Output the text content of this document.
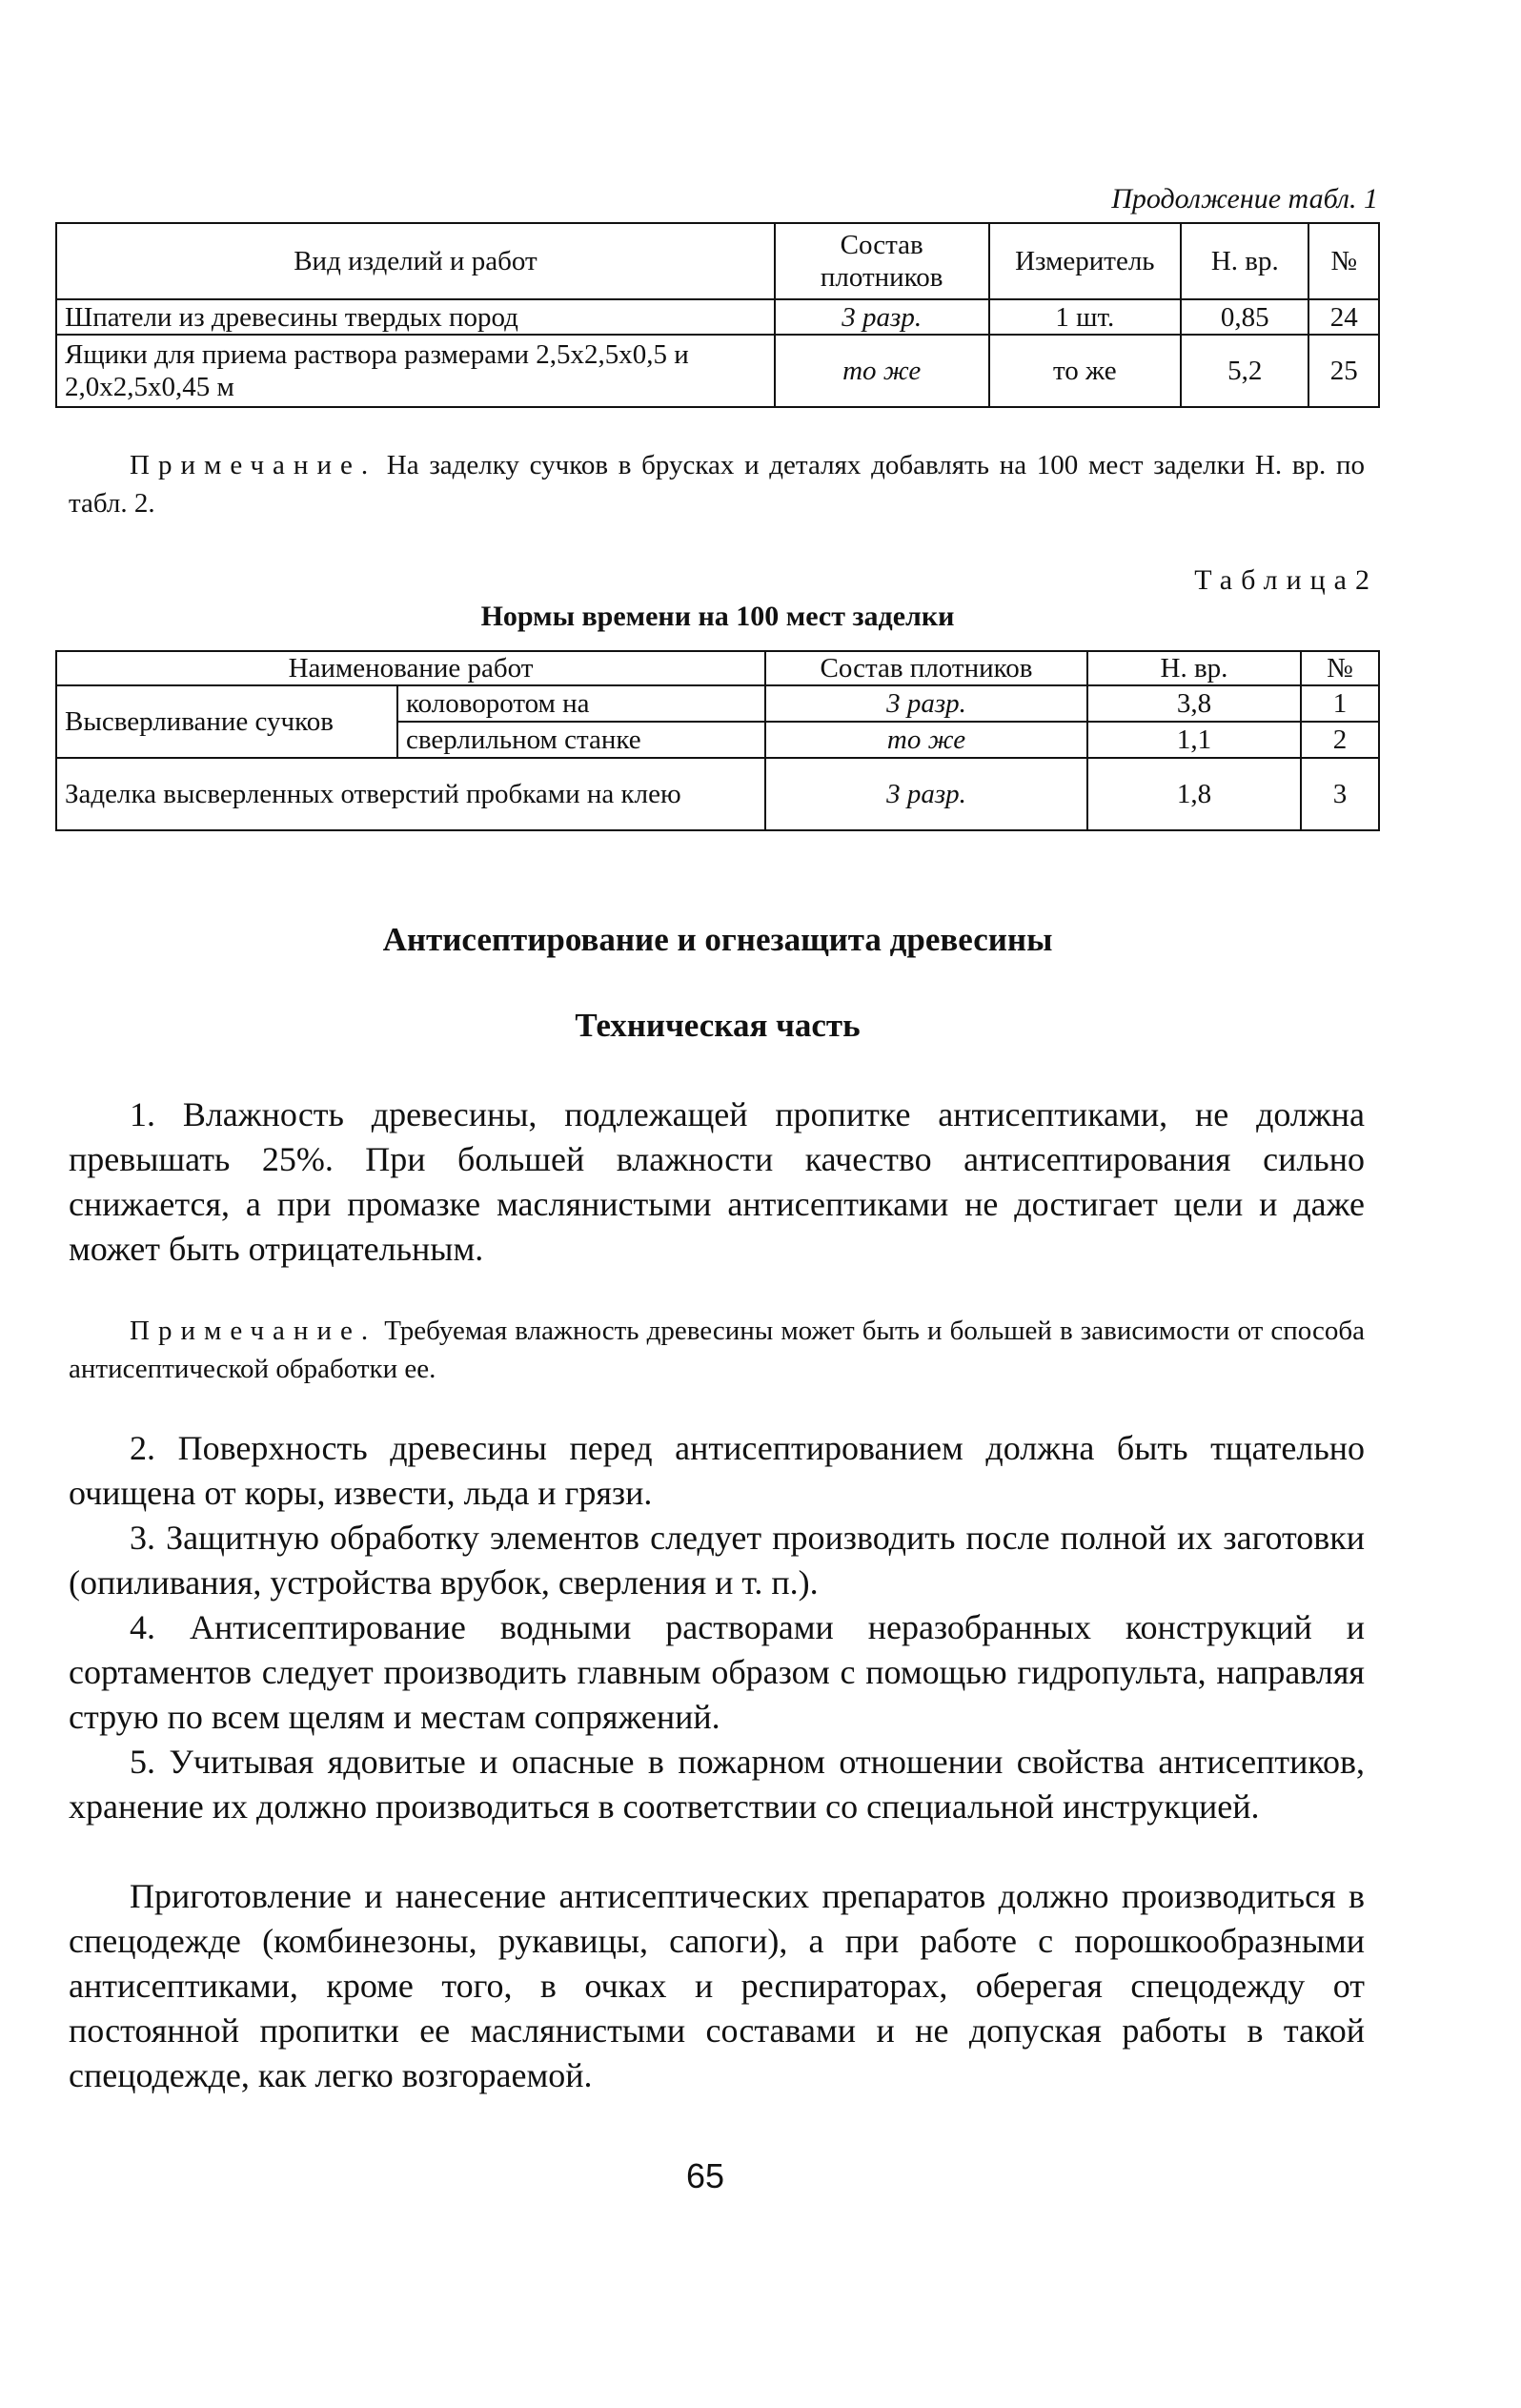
Продолжение табл. 1
Вид изделий и работ	Состав плотников	Измеритель	Н. вр.	№
Шпатели из древесины твердых пород	3 разр.	1 шт.	0,85	24
Ящики для приема раствора размерами 2,5х2,5х0,5 и 2,0х2,5х0,45 м	то же	то же	5,2	25
Примечание. На заделку сучков в брусках и деталях добавлять на 100 мест заделки Н. вр. по табл. 2.
Таблица2
Нормы времени на 100 мест заделки
Наименование работ		Состав плотников	Н. вр.	№
Высверливание сучков	коловоротом на	3 разр.	3,8	1
	сверлильном станке	то же	1,1	2
Заделка высверленных отверстий пробками на клею		3 разр.	1,8	3
Антисептирование и огнезащита древесины
Техническая часть
1. Влажность древесины, подлежащей пропитке антисептиками, не должна превышать 25%. При большей влажности качество антисептирования сильно снижается, а при промазке маслянистыми антисептиками не достигает цели и даже может быть отрицательным.
Примечание. Требуемая влажность древесины может быть и большей в зависимости от способа антисептической обработки ее.
2. Поверхность древесины перед антисептированием должна быть тщательно очищена от коры, извести, льда и грязи.
3. Защитную обработку элементов следует производить после полной их заготовки (опиливания, устройства врубок, сверления и т. п.).
4. Антисептирование водными растворами неразобранных конструкций и сортаментов следует производить главным образом с помощью гидропульта, направляя струю по всем щелям и местам сопряжений.
5. Учитывая ядовитые и опасные в пожарном отношении свойства антисептиков, хранение их должно производиться в соответствии со специальной инструкцией.
Приготовление и нанесение антисептических препаратов должно производиться в спецодежде (комбинезоны, рукавицы, сапоги), а при работе с порошкообразными антисептиками, кроме того, в очках и респираторах, оберегая спецодежду от постоянной пропитки ее маслянистыми составами и не допуская работы в такой спецодежде, как легко возгораемой.
65
